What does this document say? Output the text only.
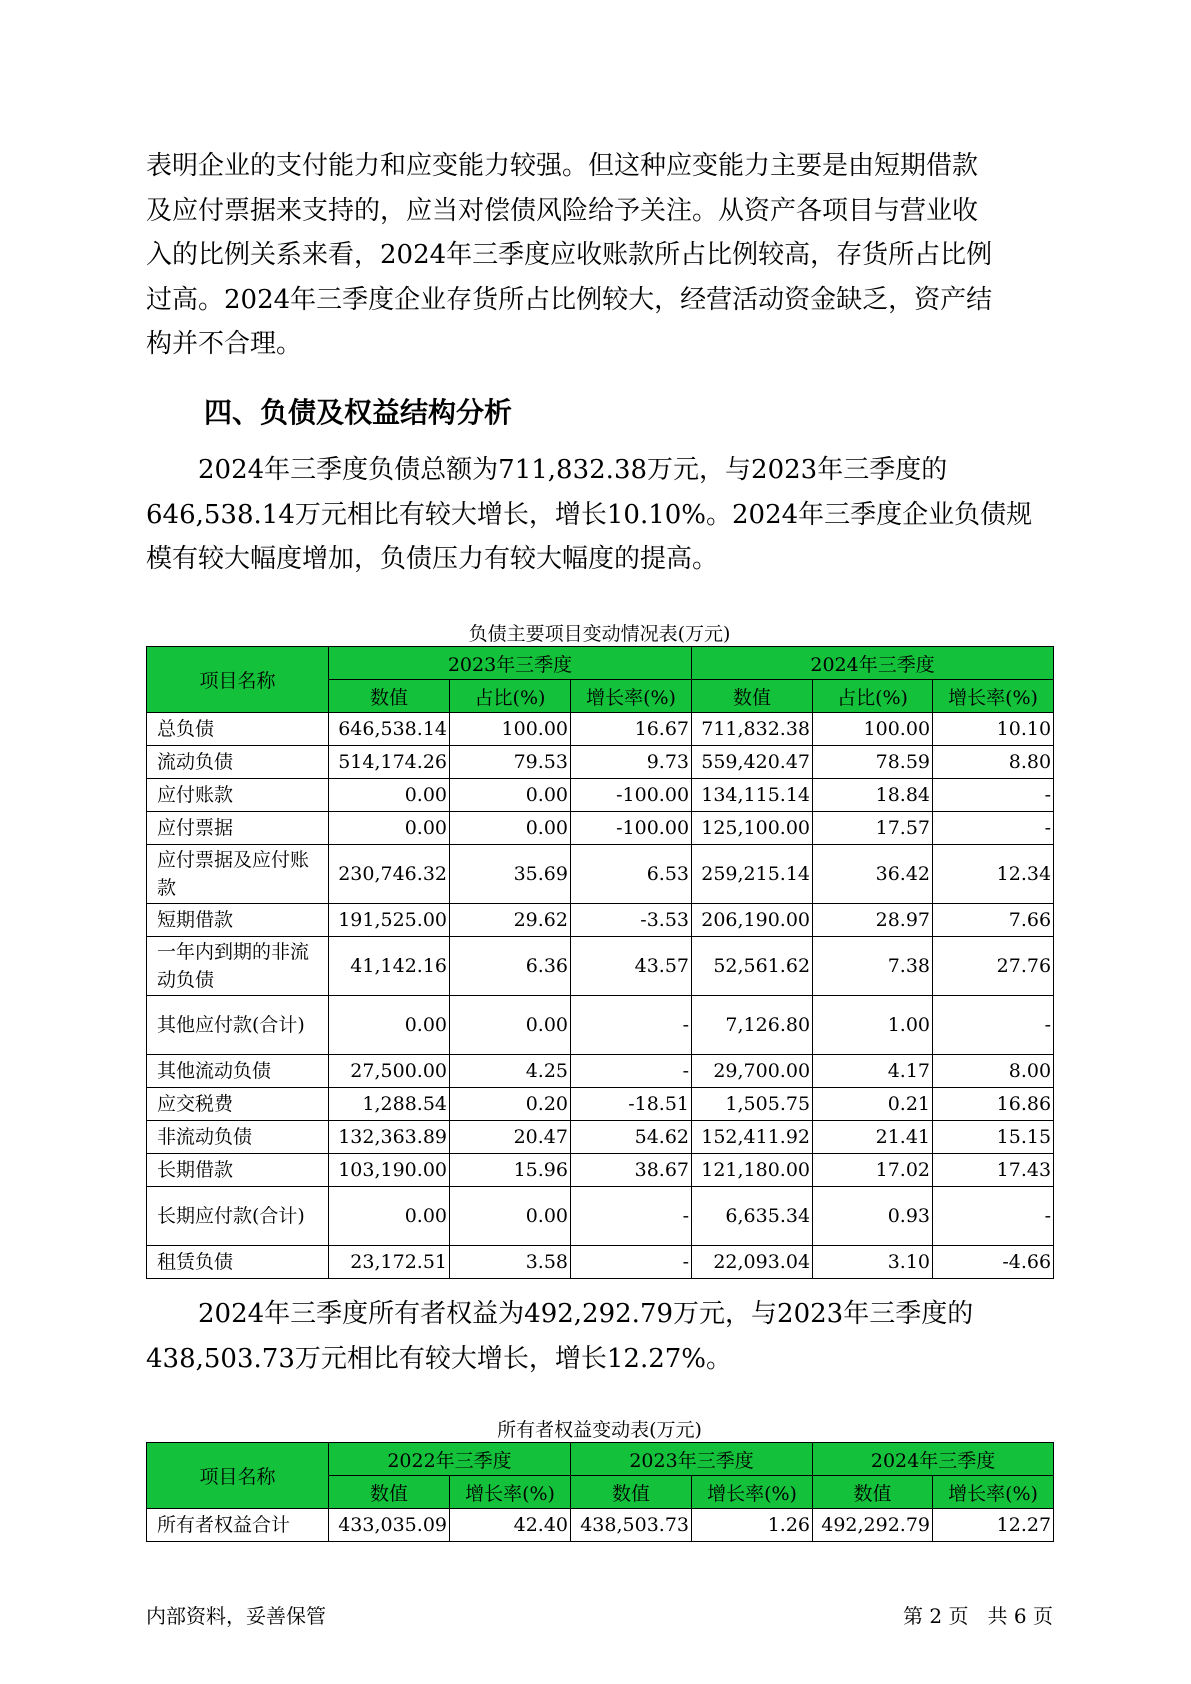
表明企业的支付能力和应变能力较强。但这种应变能力主要是由短期借款

及应付票据来支持的，应当对偿债风险给予关注。从资产各项目与营业收

入的比例关系来看，2024年三季度应收账款所占比例较高，存货所占比例

过高。2024年三季度企业存货所占比例较大，经营活动资金缺乏，资产结

构并不合理。

四、负债及权益结构分析

2024年三季度负债总额为711,832.38万元，与2023年三季度的

646,538.14万元相比有较大增长，增长10.10%。2024年三季度企业负债规

模有较大幅度增加，负债压力有较大幅度的提高。

负债主要项目变动情况表(万元)
项目名称	2023年三季度			2024年三季度		
	数值	占比(%)	增长率(%)	数值	占比(%)	增长率(%)
总负债	646,538.14	100.00	16.67	711,832.38	100.00	10.10
流动负债	514,174.26	79.53	9.73	559,420.47	78.59	8.80
应付账款	0.00	0.00	-100.00	134,115.14	18.84	-
应付票据	0.00	0.00	-100.00	125,100.00	17.57	-
应付票据及应付账款	230,746.32	35.69	6.53	259,215.14	36.42	12.34
短期借款	191,525.00	29.62	-3.53	206,190.00	28.97	7.66
一年内到期的非流动负债	41,142.16	6.36	43.57	52,561.62	7.38	27.76
其他应付款(合计)	0.00	0.00	-	7,126.80	1.00	-
其他流动负债	27,500.00	4.25	-	29,700.00	4.17	8.00
应交税费	1,288.54	0.20	-18.51	1,505.75	0.21	16.86
非流动负债	132,363.89	20.47	54.62	152,411.92	21.41	15.15
长期借款	103,190.00	15.96	38.67	121,180.00	17.02	17.43
长期应付款(合计)	0.00	0.00	-	6,635.34	0.93	-
租赁负债	23,172.51	3.58	-	22,093.04	3.10	-4.66

2024年三季度所有者权益为492,292.79万元，与2023年三季度的

438,503.73万元相比有较大增长，增长12.27%。

所有者权益变动表(万元)
项目名称	2022年三季度		2023年三季度		2024年三季度	
	数值	增长率(%)	数值	增长率(%)	数值	增长率(%)
所有者权益合计	433,035.09	42.40	438,503.73	1.26	492,292.79	12.27
内部资料，妥善保管	第 2 页   共 6 页
